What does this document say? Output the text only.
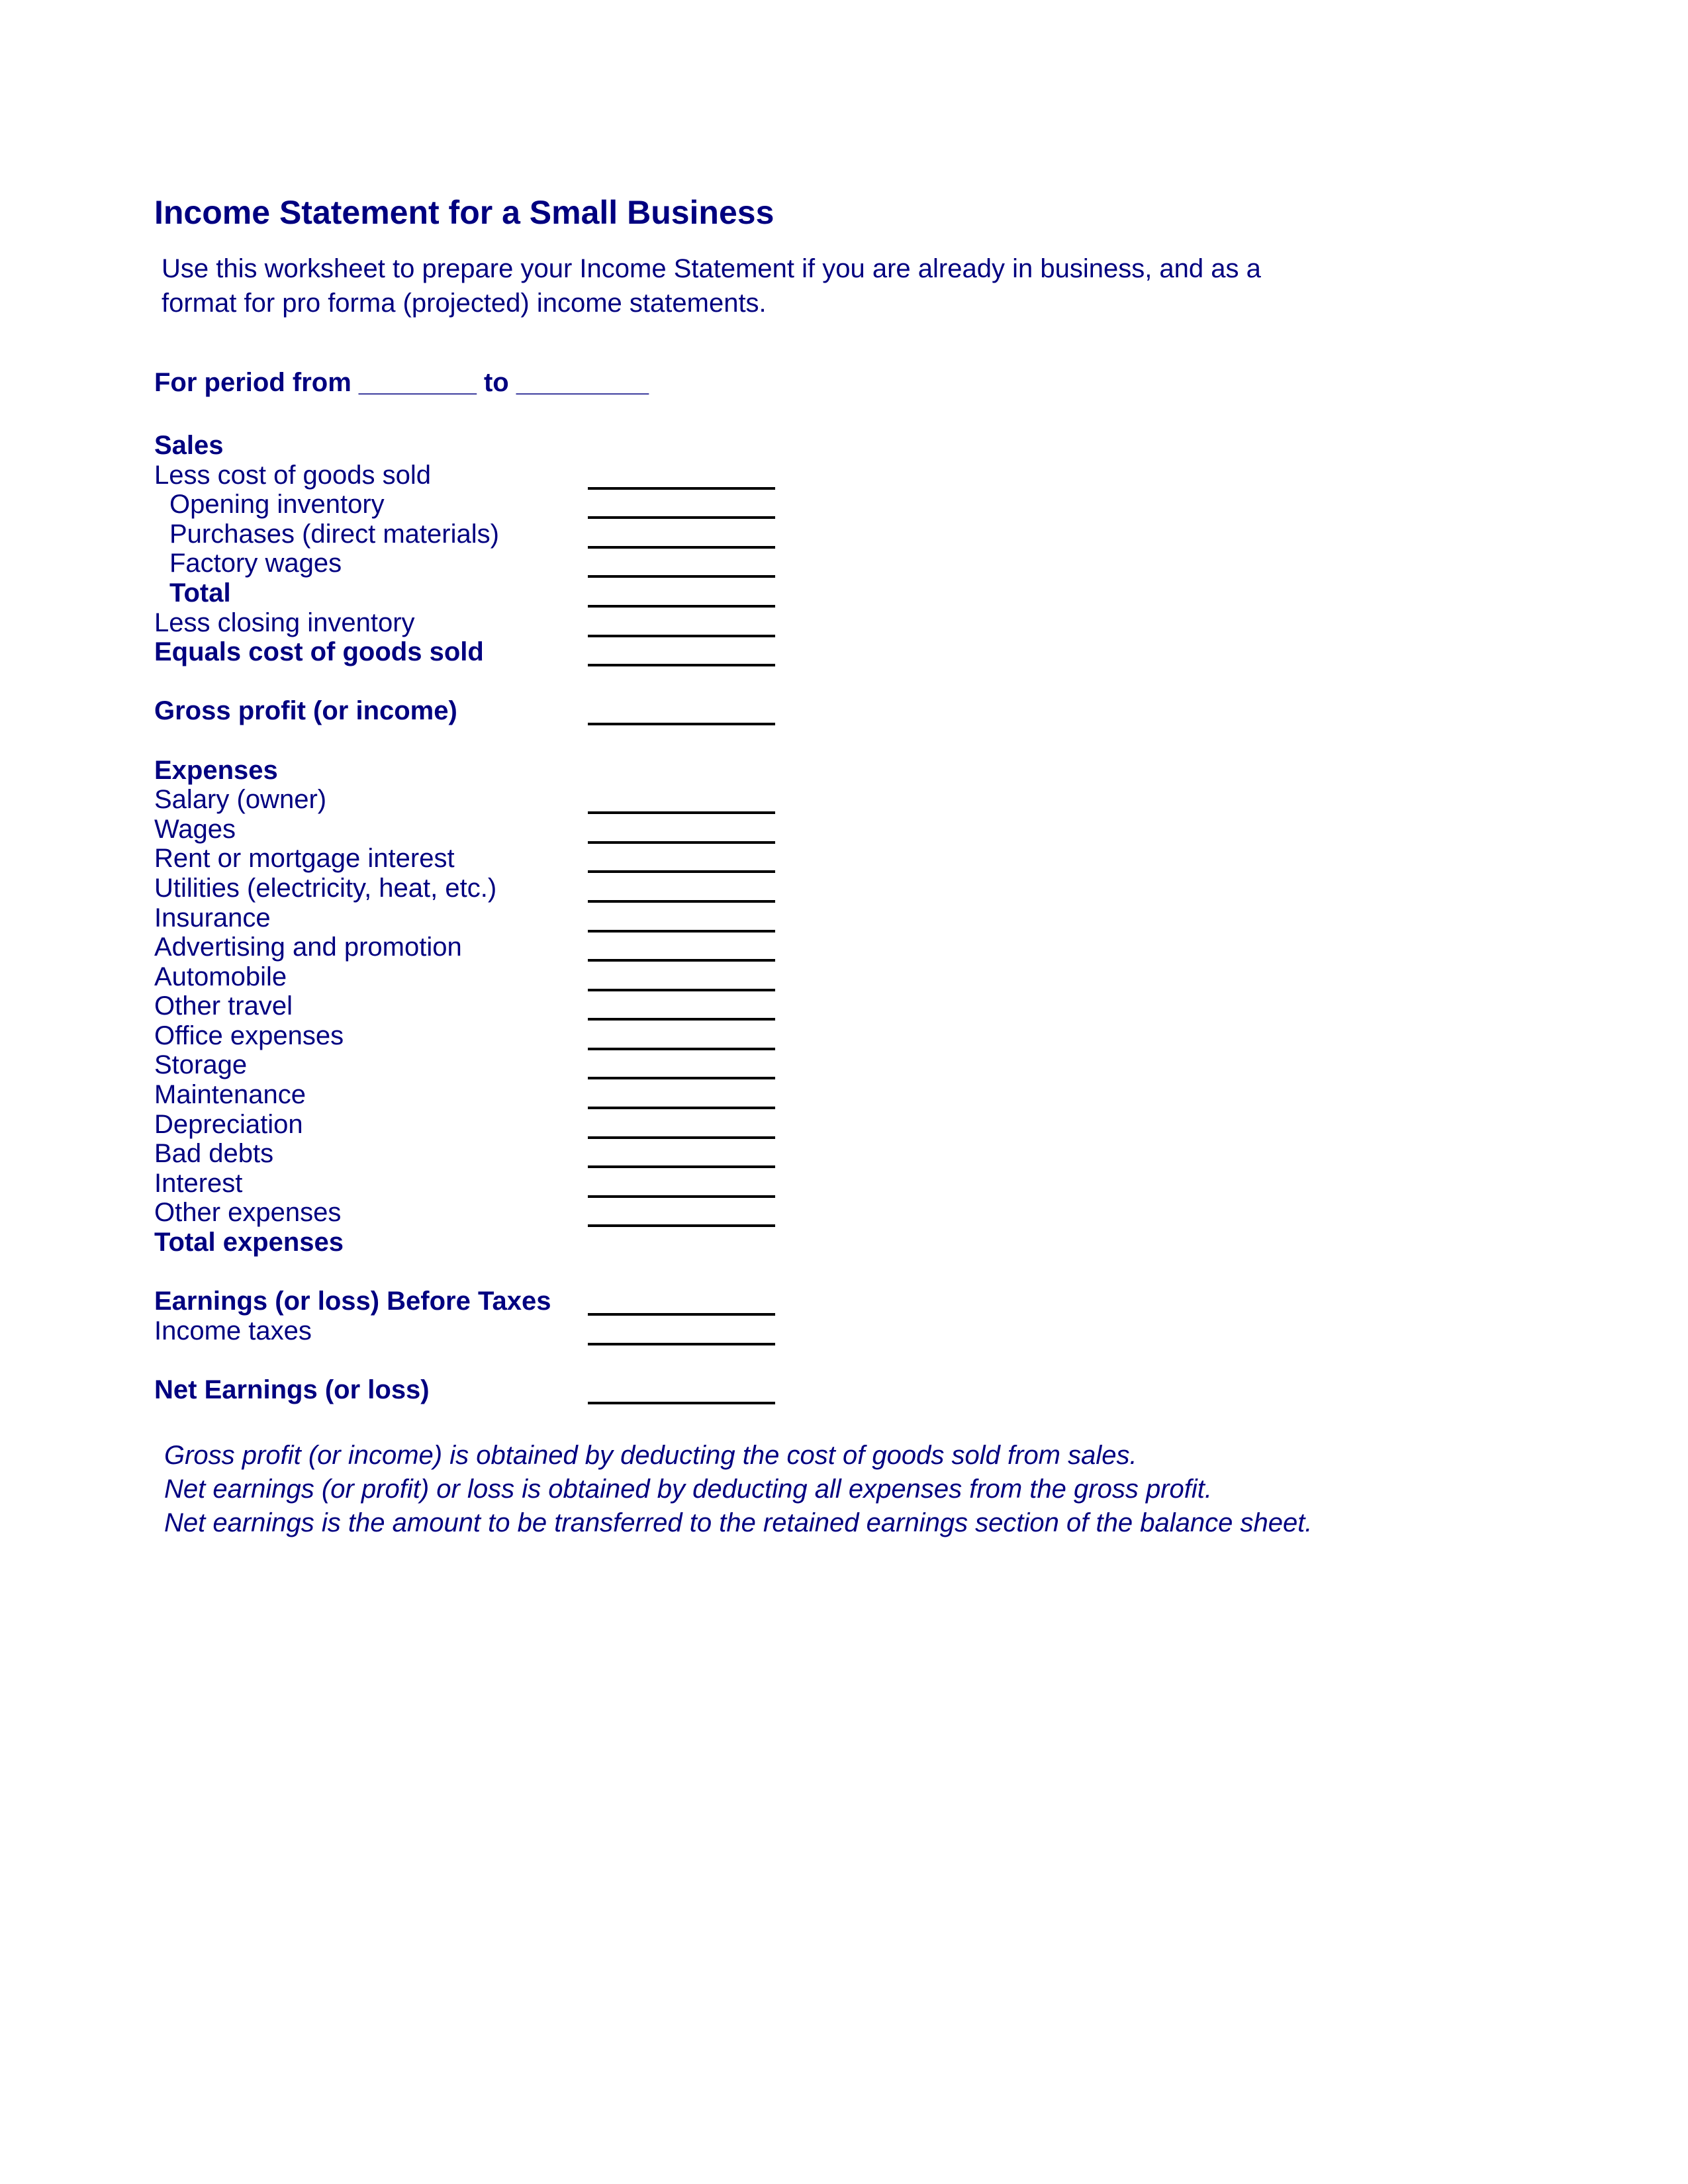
Income Statement for a Small Business
Use this worksheet to prepare your Income Statement if you are already in business, and as a
format for pro forma (projected) income statements.
For period from ________ to _________
Sales
Less cost of goods sold
Opening inventory
Purchases (direct materials)
Factory wages
Total
Less closing inventory
Equals cost of goods sold
Gross profit (or income)
Expenses
Salary (owner)
Wages
Rent or mortgage interest
Utilities (electricity, heat, etc.)
Insurance
Advertising and promotion
Automobile
Other travel
Office expenses
Storage
Maintenance
Depreciation
Bad debts
Interest
Other expenses
Total expenses
Earnings (or loss) Before Taxes
Income taxes
Net Earnings (or loss)
Gross profit (or income) is obtained by deducting the cost of goods sold from sales.
Net earnings (or profit) or loss is obtained by deducting all expenses from the gross profit.
Net earnings is the amount to be transferred to the retained earnings section of the balance sheet.
